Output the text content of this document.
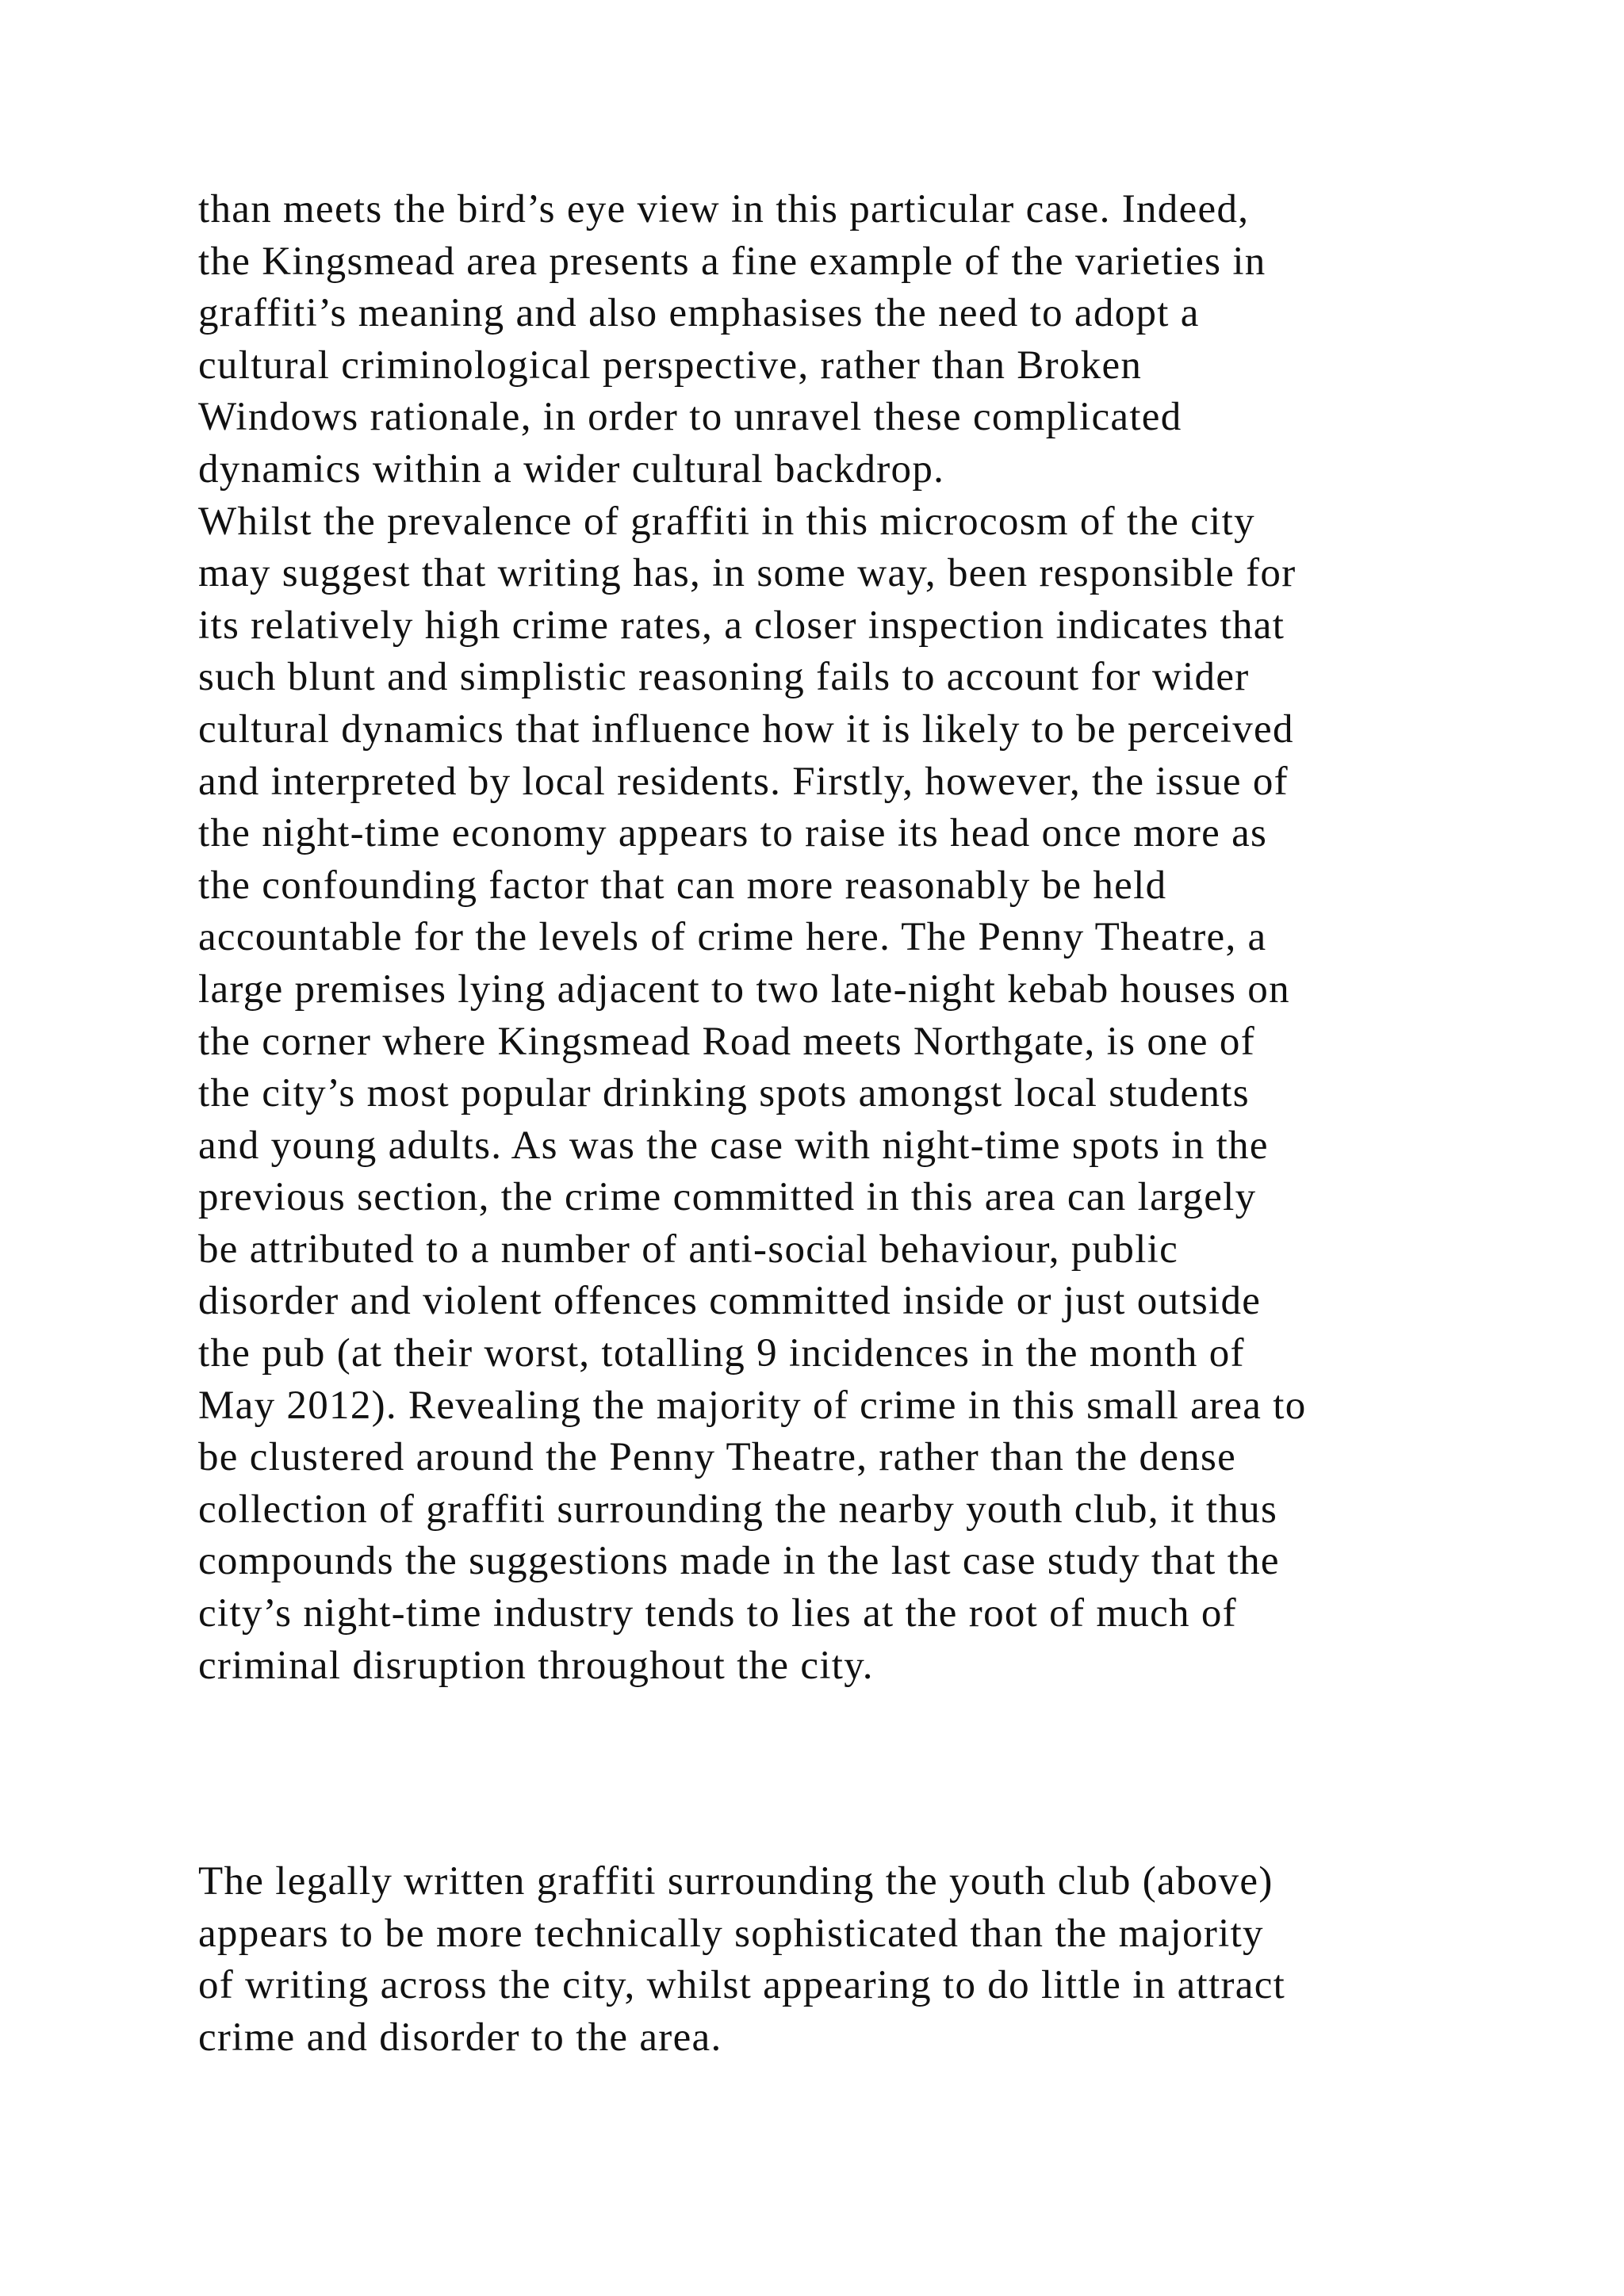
than meets the bird’s eye view in this particular case. Indeed,
the Kingsmead area presents a fine example of the varieties in
graffiti’s meaning and also emphasises the need to adopt a
cultural criminological perspective, rather than Broken
Windows rationale, in order to unravel these complicated
dynamics within a wider cultural backdrop.
Whilst the prevalence of graffiti in this microcosm of the city
may suggest that writing has, in some way, been responsible for
its relatively high crime rates, a closer inspection indicates that
such blunt and simplistic reasoning fails to account for wider
cultural dynamics that influence how it is likely to be perceived
and interpreted by local residents. Firstly, however, the issue of
the night-time economy appears to raise its head once more as
the confounding factor that can more reasonably be held
accountable for the levels of crime here. The Penny Theatre, a
large premises lying adjacent to two late-night kebab houses on
the corner where Kingsmead Road meets Northgate, is one of
the city’s most popular drinking spots amongst local students
and young adults. As was the case with night-time spots in the
previous section, the crime committed in this area can largely
be attributed to a number of anti-social behaviour, public
disorder and violent offences committed inside or just outside
the pub (at their worst, totalling 9 incidences in the month of
May 2012). Revealing the majority of crime in this small area to
be clustered around the Penny Theatre, rather than the dense
collection of graffiti surrounding the nearby youth club, it thus
compounds the suggestions made in the last case study that the
city’s night-time industry tends to lies at the root of much of
criminal disruption throughout the city.
The legally written graffiti surrounding the youth club (above)
appears to be more technically sophisticated than the majority
of writing across the city, whilst appearing to do little in attract
crime and disorder to the area.
